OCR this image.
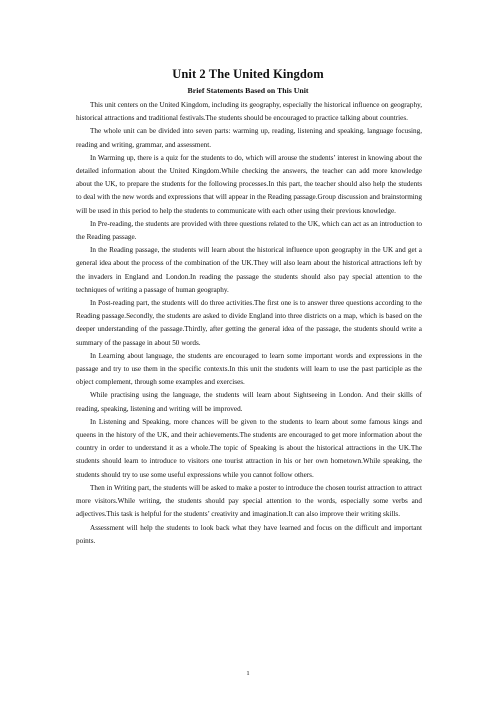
Unit 2 The United Kingdom
Brief Statements Based on This Unit

This unit centers on the United Kingdom, including its geography, especially the historical influence on geography, historical attractions and traditional festivals.The students should be encouraged to practice talking about countries.

The whole unit can be divided into seven parts: warming up, reading, listening and speaking, language focusing, reading and writing, grammar, and assessment.

In Warming up, there is a quiz for the students to do, which will arouse the students’ interest in knowing about the detailed information about the United Kingdom.While checking the answers, the teacher can add more knowledge about the UK, to prepare the students for the following processes.In this part, the teacher should also help the students to deal with the new words and expressions that will appear in the Reading passage.Group discussion and brainstorming will be used in this period to help the students to communicate with each other using their previous knowledge.

In Pre-reading, the students are provided with three questions related to the UK, which can act as an introduction to the Reading passage.

In the Reading passage, the students will learn about the historical influence upon geography in the UK and get a general idea about the process of the combination of the UK.They will also learn about the historical attractions left by the invaders in England and London.In reading the passage the students should also pay special attention to the techniques of writing a passage of human geography.

In Post-reading part, the students will do three activities.The first one is to answer three questions according to the Reading passage.Secondly, the students are asked to divide England into three districts on a map, which is based on the deeper understanding of the passage.Thirdly, after getting the general idea of the passage, the students should write a summary of the passage in about 50 words.

In Learning about language, the students are encouraged to learn some important words and expressions in the passage and try to use them in the specific contexts.In this unit the students will learn to use the past participle as the object complement, through some examples and exercises.

While practising using the language, the students will learn about Sightseeing in London. And their skills of reading, speaking, listening and writing will be improved.

In Listening and Speaking, more chances will be given to the students to learn about some famous kings and queens in the history of the UK, and their achievements.The students are encouraged to get more information about the country in order to understand it as a whole.The topic of Speaking is about the historical attractions in the UK.The students should learn to introduce to visitors one tourist attraction in his or her own hometown.While speaking, the students should try to use some useful expressions while you cannot follow others.

Then in Writing part, the students will be asked to make a poster to introduce the chosen tourist attraction to attract more visitors.While writing, the students should pay special attention to the words, especially some verbs and adjectives.This task is helpful for the students’ creativity and imagination.It can also improve their writing skills.

Assessment will help the students to look back what they have learned and focus on the difficult and important points.

1
